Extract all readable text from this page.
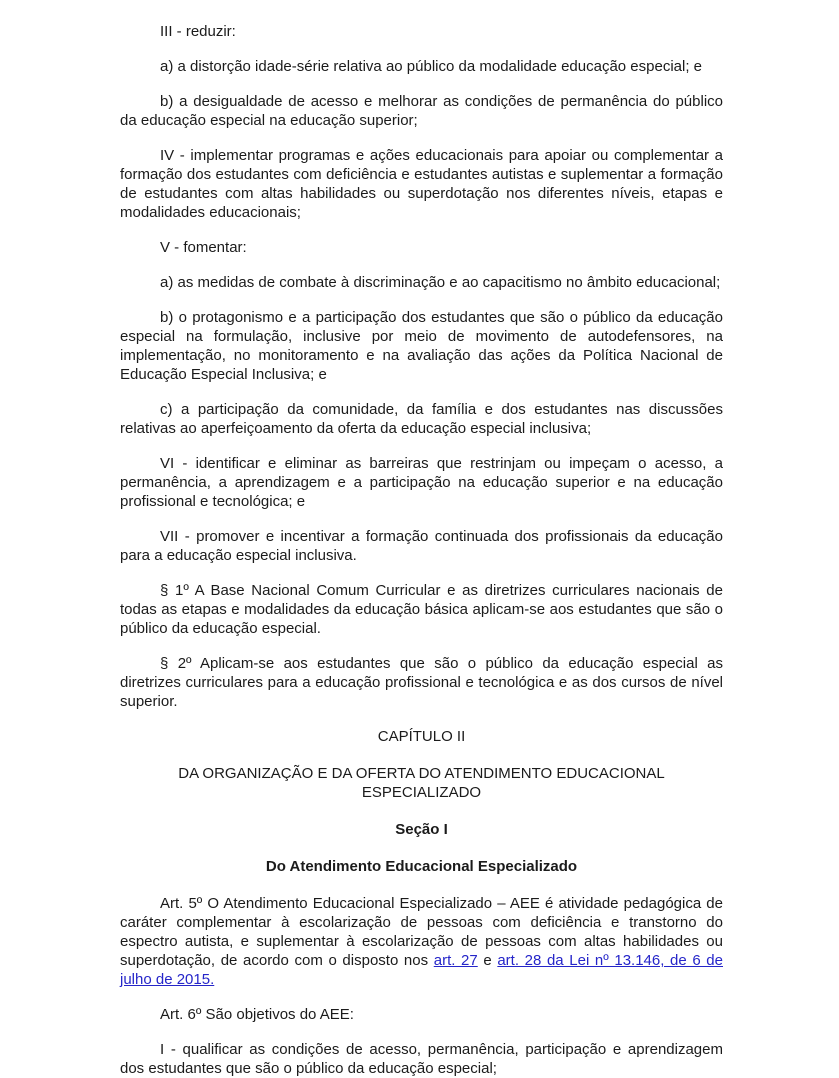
III - reduzir:

a) a distorção idade-série relativa ao público da modalidade educação especial; e

b) a desigualdade de acesso e melhorar as condições de permanência do público da educação especial na educação superior;

IV - implementar programas e ações educacionais para apoiar ou complementar a formação dos estudantes com deficiência e estudantes autistas e suplementar a formação de estudantes com altas habilidades ou superdotação nos diferentes níveis, etapas e modalidades educacionais;

V - fomentar:

a) as medidas de combate à discriminação e ao capacitismo no âmbito educacional;

b) o protagonismo e a participação dos estudantes que são o público da educação especial na formulação, inclusive por meio de movimento de autodefensores, na implementação, no monitoramento e na avaliação das ações da Política Nacional de Educação Especial Inclusiva; e

c) a participação da comunidade, da família e dos estudantes nas discussões relativas ao aperfeiçoamento da oferta da educação especial inclusiva;

VI - identificar e eliminar as barreiras que restrinjam ou impeçam o acesso, a permanência, a aprendizagem e a participação na educação superior e na educação profissional e tecnológica; e

VII - promover e incentivar a formação continuada dos profissionais da educação para a educação especial inclusiva.

§ 1º A Base Nacional Comum Curricular e as diretrizes curriculares nacionais de todas as etapas e modalidades da educação básica aplicam-se aos estudantes que são o público da educação especial.

§ 2º Aplicam-se aos estudantes que são o público da educação especial as diretrizes curriculares para a educação profissional e tecnológica e as dos cursos de nível superior.

CAPÍTULO II

DA ORGANIZAÇÃO E DA OFERTA DO ATENDIMENTO EDUCACIONAL ESPECIALIZADO

Seção I

Do Atendimento Educacional Especializado

Art. 5º O Atendimento Educacional Especializado – AEE é atividade pedagógica de caráter complementar à escolarização de pessoas com deficiência e transtorno do espectro autista, e suplementar à escolarização de pessoas com altas habilidades ou superdotação, de acordo com o disposto nos art. 27 e art. 28 da Lei nº 13.146, de 6 de julho de 2015.

Art. 6º São objetivos do AEE:

I - qualificar as condições de acesso, permanência, participação e aprendizagem dos estudantes que são o público da educação especial;
